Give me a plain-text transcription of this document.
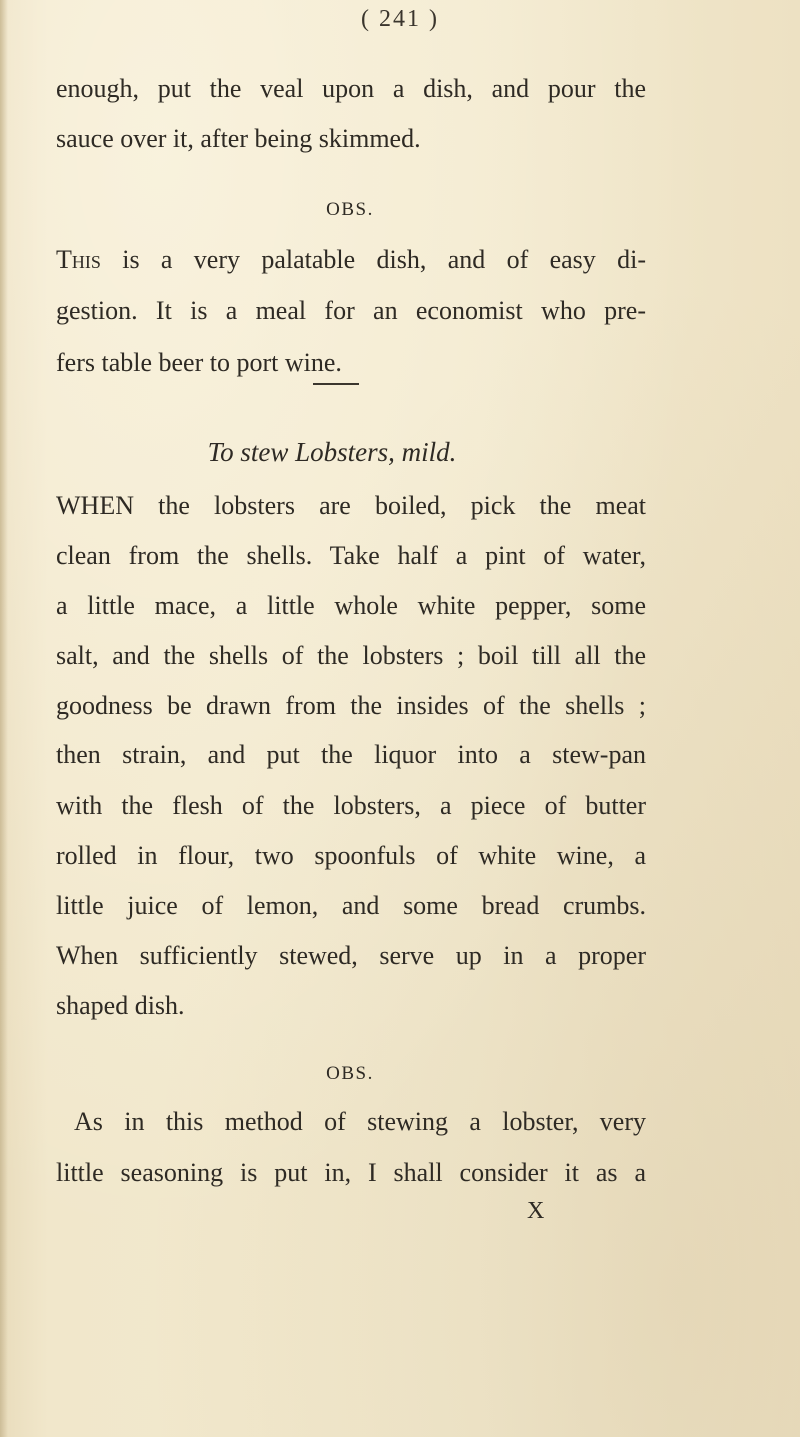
( 241 )
enough, put the veal upon a dish, and pour the
sauce over it, after being skimmed.
OBS.
This is a very palatable dish, and of easy di-
gestion. It is a meal for an economist who pre-
fers table beer to port wine.
To stew Lobsters, mild.
WHEN the lobsters are boiled, pick the meat
clean from the shells. Take half a pint of water,
a little mace, a little whole white pepper, some
salt, and the shells of the lobsters ; boil till all the
goodness be drawn from the insides of the shells ;
then strain, and put the liquor into a stew-pan
with the flesh of the lobsters, a piece of butter
rolled in flour, two spoonfuls of white wine, a
little juice of lemon, and some bread crumbs.
When sufficiently stewed, serve up in a proper
shaped dish.
OBS.
As in this method of stewing a lobster, very
little seasoning is put in, I shall consider it as a
X
